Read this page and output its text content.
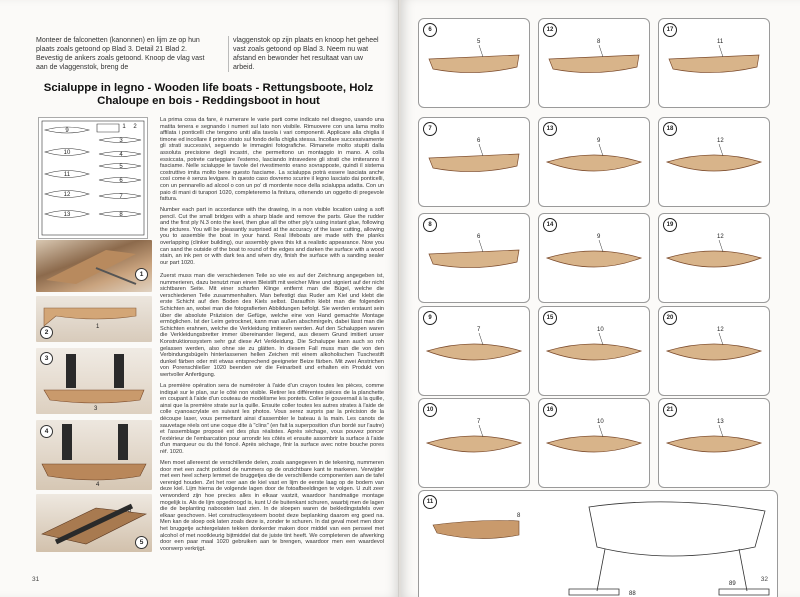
Monteer de falconetten (kanonnen) en lijm ze op hun plaats zoals getoond op Blad 3. Detail 21 Blad 2. Bevestig de ankers zoals getoond. Knoop de vlag vast aan de vlaggenstok, breng de
vlaggenstok op zijn plaats en knoop het geheel vast zoals getoond op Blad 3. Neem nu wat afstand en bewonder het resultaat van uw arbeid.
Scialuppe in legno - Wooden life boats - Rettungsboote, Holz
Chaloupe en bois - Reddingsboot in hout
9
1 2
3
10	4
5
11
6
7
12
13	8
La prima cosa da fare, è numerare le varie parti come indicato nel disegno, usando una matita tenera e segnando i numeri sul lato non visibile. Rimuovere con una lama molto affilata i ponticelli che tengono uniti alla tavola i vari componenti. Applicare alla chiglia il timone ed incollare il primo strato sul fondo della chiglia stessa. Incollare successivamente gli strati successivi, seguendo le immagini fotografiche. Rimanete molto stupiti dalla assoluta precisione degli incastri, che permettono un montaggio in mano. A colla essiccata, potrete carteggiare l'esterno, lasciando intravedere gli strati che imiteranno il fasciame. Nelle scialuppe le tavole del rivestimento erano sovrapposte, quindi il sistema costruttivo imita molto bene questo fasciame. La scialuppa potrà essere lasciata anche così come è senza levigare. In questo caso dovremo scurire il legno lasciato dai ponticelli, con un pennarello ad alcool o con un po' di mordente noce della scialuppa adatta. Con un paio di mani di turapori 1020, completeremo la finitura, ottenendo un oggetto di pregevole fattura.
Number each part in accordance with the drawing, in a non visible location using a soft pencil. Cut the small bridges with a sharp blade and remove the parts. Glue the rudder and the first ply N.3 onto the keel, then glue all the other ply's using instant glue, following the pictures. You will be pleasantly surprised at the accuracy of the laser cutting, allowing you to assemble the boat in your hand. Real lifeboats are made with the planks overlapping (clinker building), our assembly gives this kit a realistic appearance. Now you can sand the outside of the boat to round of the edges and darken the surface with a wood stain, an ink pen or with dark tea and when dry, finish the surface with a sanding sealer our part 1020.
Zuerst muss man die verschiedenen Teile so wie es auf der Zeichnung angegeben ist, nummerieren, dazu benutzt man einen Bleistift mit weicher Mine und signiert auf der nicht sichtbaren Seite. Mit einer scharfen Klinge entfernt man die Bügel, welche die verschiedenen Teile zusammenhalten. Man befestigt das Ruder am Kiel und klebt die erste Schicht auf den Boden des Kiels selbst. Daraufhin klebt man die folgenden Schichten an, wobei man die fotografierten Abbildungen befolgt. Sie werden erstaunt sein über die absolute Präzision der Gefüge, welche eine von Hand gemachte Montage ermöglichen. Ist der Leim getrocknet, kann man außen abschmirgeln, dabei lässt man die Schichten erahnen, welche die Verkleidung imitieren werden. Auf den Schaluppen waren die Verkleidungsbretter immer übereinander liegend, aus diesem Grund imitiert unser Konstruktionssystem sehr gut diese Art Verkleidung. Die Schaluppe kann auch so roh gelassen werden, also ohne sie zu glätten. In diesem Fall muss man die von den Verbindungsbügeln hinterlassenen hellen Zeichen mit einem alkoholischen Tuschestift dunkel färben oder mit etwas entsprechend geeigneter Beize färben. Mit zwei Anstrichen von Porenschließer 1020 beenden wir die Feinarbeit und erhalten ein Produkt von wertvoller Anfertigung.
La première opération sera de numéroter à l'aide d'un crayon toutes les pièces, comme indiqué sur le plan, sur le côté non visible. Retirer les différentes pièces de la planchette en coupant à l'aide d'un couteau de modélisme les pontets. Coller le gouvernail à la quille, ainsi que la première strate sur la quille. Ensuite coller toutes les autres strates à l'aide de colle cyanoacrylate en suivant les photos. Vous serez surpris par la précision de la découpe laser, vous permettant ainsi d'assembler le bateau à la main. Les canots de sauvetage réels ont une coque dite à "clins" (en fait la superposition d'un bordé sur l'autre) et l'assemblage proposé est des plus réalistes. Après séchage, vous pouvez poncer l'extérieur de l'embarcation pour arrondir les côtés et ensuite assombrir la surface à l'aide d'un marqueur ou du thé foncé. Après séchage, finir la surface avec notre bouche pores réf. 1020.
Men moet allereerst de verschillende delen, zoals aangegeven in de tekening, nummeren door met een zacht potlood de nummers op de onzichtbare kant te markeren. Verwijder met een heel scherp lemmet de bruggetjes die de verschillende componenten aan de tafel verenigd houden. Zet het roer aan de kiel vast en lijm de eerste laag op de bodem van deze kiel. Lijm hierna de volgende lagen door de fotoafbeeldingen te volgen. U zult zeer verwonderd zijn hoe precies alles in elkaar vastzit, waardoor handmatige montage mogelijk is. Als de lijm opgedroogd is, kunt U de buitenkant schuren, waarbij men de lagen die de beplanting naboosten laat zien. In de sloepen waren de bekledingstafels over elkaar geschoven. Het constructiesysteem bootst deze beplanking daarom erg goed na. Men kan de sloep ook laten zoals deze is, zonder te schuren. In dat geval moet men door het bruggetje achtergelaten tekken donkerder maken door middel van een penseel met alcohol of met nootkleurig bijtmiddel dat de juiste tint heeft. We completeren de afwerking door een paar maal 1020 gebruiken aan te brengen, waardoor men een waardevol voorwerp verkrijgt.
1
1
2
3
3
4
4
5
5
31
6
5
12
8
17
11
7
6
13
9
18
12
8
6
14
9
19
12
9
7
15
10
20
12
10
7
16
10
21
13
11
8
88
89
32
